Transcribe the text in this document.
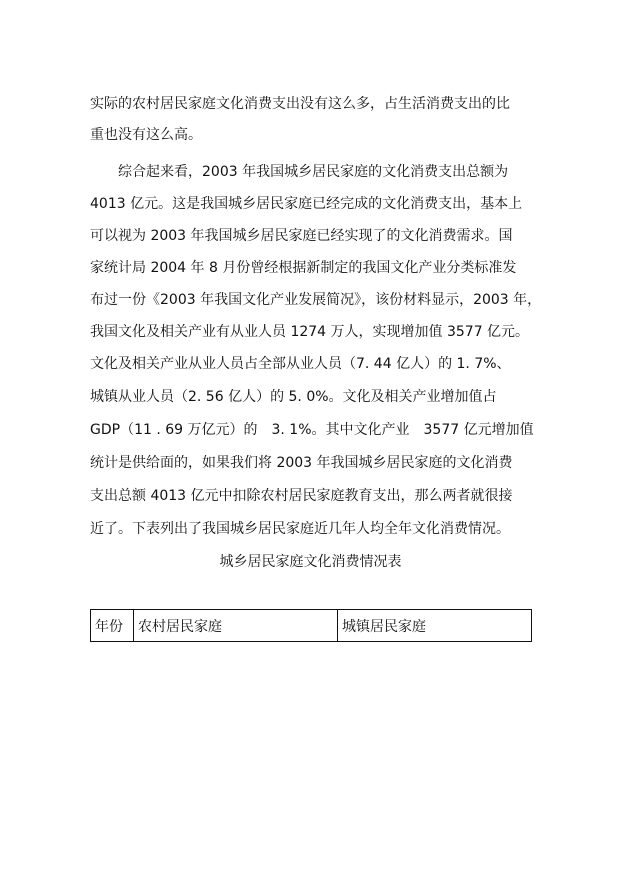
实际的农村居民家庭文化消费支出没有这么多，占生活消费支出的比
重也没有这么高。
综合起来看，2003 年我国城乡居民家庭的文化消费支出总额为
4013 亿元。这是我国城乡居民家庭已经完成的文化消费支出，基本上
可以视为 2003 年我国城乡居民家庭已经实现了的文化消费需求。国
家统计局 2004 年 8 月份曾经根据新制定的我国文化产业分类标准发
布过一份《2003 年我国文化产业发展简况》，该份材料显示，2003 年，
我国文化及相关产业有从业人员 1274 万人，实现增加值 3577 亿元。
文化及相关产业从业人员占全部从业人员（7. 44 亿人）的 1. 7%、
城镇从业人员（2. 56 亿人）的 5. 0%。文化及相关产业增加值占
GDP（11 . 69 万亿元）的　3. 1%。其中文化产业　3577 亿元增加值
统计是供给面的，如果我们将 2003 年我国城乡居民家庭的文化消费
支出总额 4013 亿元中扣除农村居民家庭教育支出，那么两者就很接
近了。下表列出了我国城乡居民家庭近几年人均全年文化消费情况。
城乡居民家庭文化消费情况表
年份	农村居民家庭	城镇居民家庭
